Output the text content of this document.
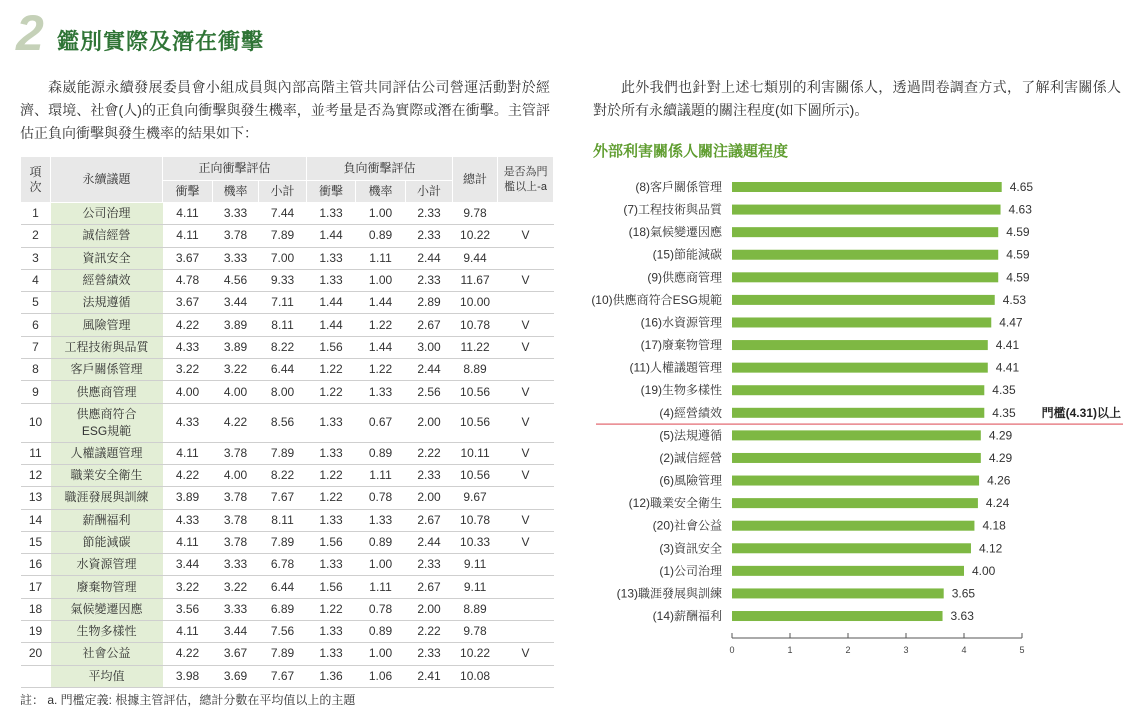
2 鑑別實際及潛在衝擊

森崴能源永續發展委員會小組成員與內部高階主管共同評估公司營運活動對於經濟、環境、社會(人)的正負向衝擊與發生機率，並考量是否為實際或潛在衝擊。主管評估正負向衝擊與發生機率的結果如下：

此外我們也針對上述七類別的利害關係人，透過問卷調查方式，了解利害關係人對於所有永續議題的關注程度(如下圖所示)。

項次	永續議題	正向衝擊評估			負向衝擊評估			總計	是否為門檻以上-a
		衝擊	機率	小計	衝擊	機率	小計		
1	公司治理	4.11	3.33	7.44	1.33	1.00	2.33	9.78	
2	誠信經營	4.11	3.78	7.89	1.44	0.89	2.33	10.22	V
3	資訊安全	3.67	3.33	7.00	1.33	1.11	2.44	9.44	
4	經營績效	4.78	4.56	9.33	1.33	1.00	2.33	11.67	V
5	法規遵循	3.67	3.44	7.11	1.44	1.44	2.89	10.00	
6	風險管理	4.22	3.89	8.11	1.44	1.22	2.67	10.78	V
7	工程技術與品質	4.33	3.89	8.22	1.56	1.44	3.00	11.22	V
8	客戶關係管理	3.22	3.22	6.44	1.22	1.22	2.44	8.89	
9	供應商管理	4.00	4.00	8.00	1.22	1.33	2.56	10.56	V
10	供應商符合ESG規範	4.33	4.22	8.56	1.33	0.67	2.00	10.56	V
11	人權議題管理	4.11	3.78	7.89	1.33	0.89	2.22	10.11	V
12	職業安全衛生	4.22	4.00	8.22	1.22	1.11	2.33	10.56	V
13	職涯發展與訓練	3.89	3.78	7.67	1.22	0.78	2.00	9.67	
14	薪酬福利	4.33	3.78	8.11	1.33	1.33	2.67	10.78	V
15	節能減碳	4.11	3.78	7.89	1.56	0.89	2.44	10.33	V
16	水資源管理	3.44	3.33	6.78	1.33	1.00	2.33	9.11	
17	廢棄物管理	3.22	3.22	6.44	1.56	1.11	2.67	9.11	
18	氣候變遷因應	3.56	3.33	6.89	1.22	0.78	2.00	8.89	
19	生物多樣性	4.11	3.44	7.56	1.33	0.89	2.22	9.78	
20	社會公益	4.22	3.67	7.89	1.33	1.00	2.33	10.22	V
	平均值	3.98	3.69	7.67	1.36	1.06	2.41	10.08	
註： a. 門檻定義: 根據主管評估，總計分數在平均值以上的主題
外部利害關係人關注議題程度
(8)客戶關係管理	4.65
(7)工程技術與品質	4.63
(18)氣候變遷因應	4.59
(15)節能減碳	4.59
(9)供應商管理	4.59
(10)供應商符合ESG規範	4.53
(16)水資源管理	4.47
(17)廢棄物管理	4.41
(11)人權議題管理	4.41
(19)生物多樣性	4.35
(4)經營績效	4.35
(5)法規遵循	4.29
(2)誠信經營	4.29
(6)風險管理	4.26
(12)職業安全衛生	4.24
(20)社會公益	4.18
(3)資訊安全	4.12
(1)公司治理	4.00
(13)職涯發展與訓練	3.65
(14)薪酬福利	3.63
門檻(4.31)以上
0	1	2	3	4	5
